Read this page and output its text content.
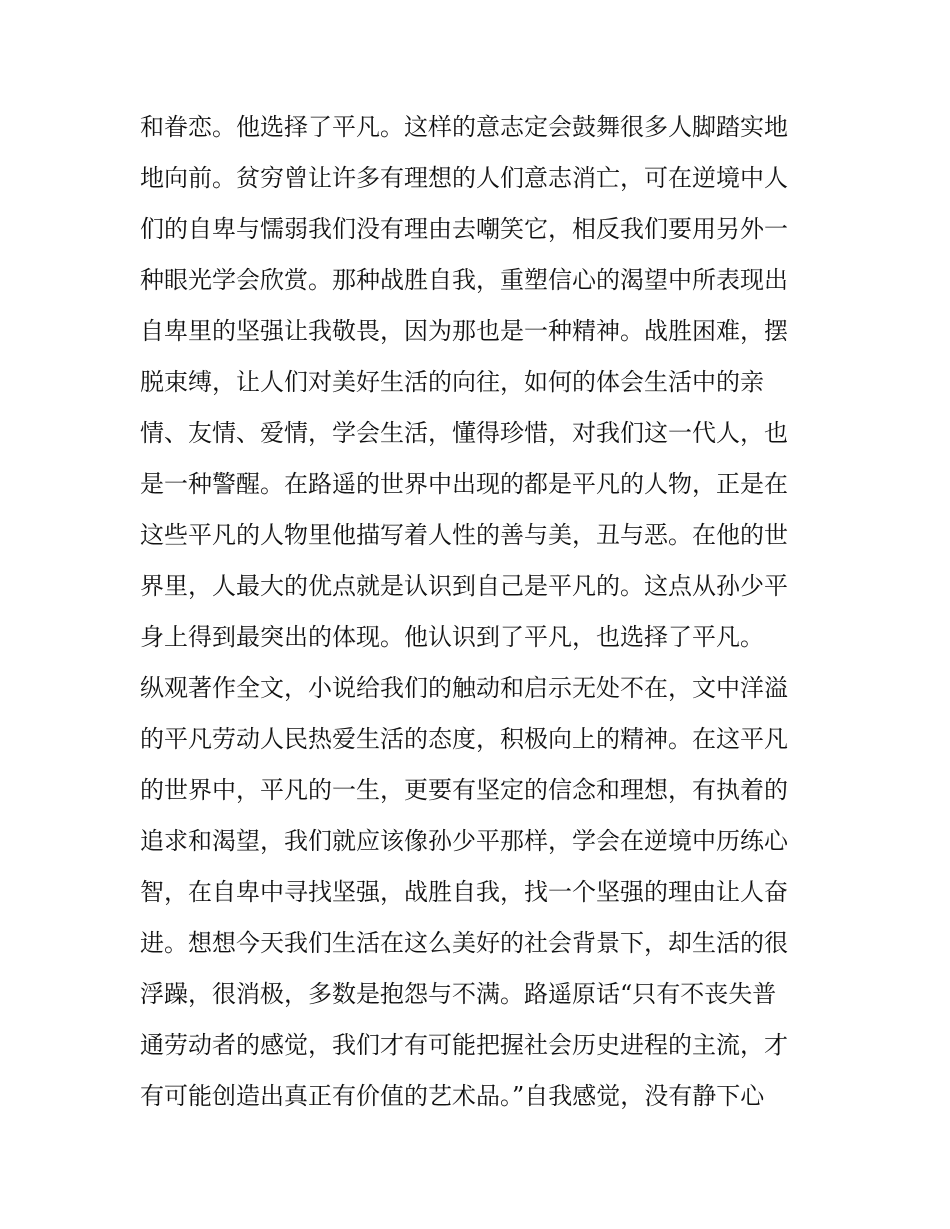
和眷恋。他选择了平凡。这样的意志定会鼓舞很多人脚踏实地
地向前。贫穷曾让许多有理想的人们意志消亡，可在逆境中人
们的自卑与懦弱我们没有理由去嘲笑它，相反我们要用另外一
种眼光学会欣赏。那种战胜自我，重塑信心的渴望中所表现出
自卑里的坚强让我敬畏，因为那也是一种精神。战胜困难，摆
脱束缚，让人们对美好生活的向往，如何的体会生活中的亲
情、友情、爱情，学会生活，懂得珍惜，对我们这一代人，也
是一种警醒。在路遥的世界中出现的都是平凡的人物，正是在
这些平凡的人物里他描写着人性的善与美，丑与恶。在他的世
界里，人最大的优点就是认识到自己是平凡的。这点从孙少平
身上得到最突出的体现。他认识到了平凡，也选择了平凡。
纵观著作全文，小说给我们的触动和启示无处不在，文中洋溢
的平凡劳动人民热爱生活的态度，积极向上的精神。在这平凡
的世界中，平凡的一生，更要有坚定的信念和理想，有执着的
追求和渴望，我们就应该像孙少平那样，学会在逆境中历练心
智，在自卑中寻找坚强，战胜自我，找一个坚强的理由让人奋
进。想想今天我们生活在这么美好的社会背景下，却生活的很
浮躁，很消极，多数是抱怨与不满。路遥原话“只有不丧失普
通劳动者的感觉，我们才有可能把握社会历史进程的主流，才
有可能创造出真正有价值的艺术品。”自我感觉，没有静下心
